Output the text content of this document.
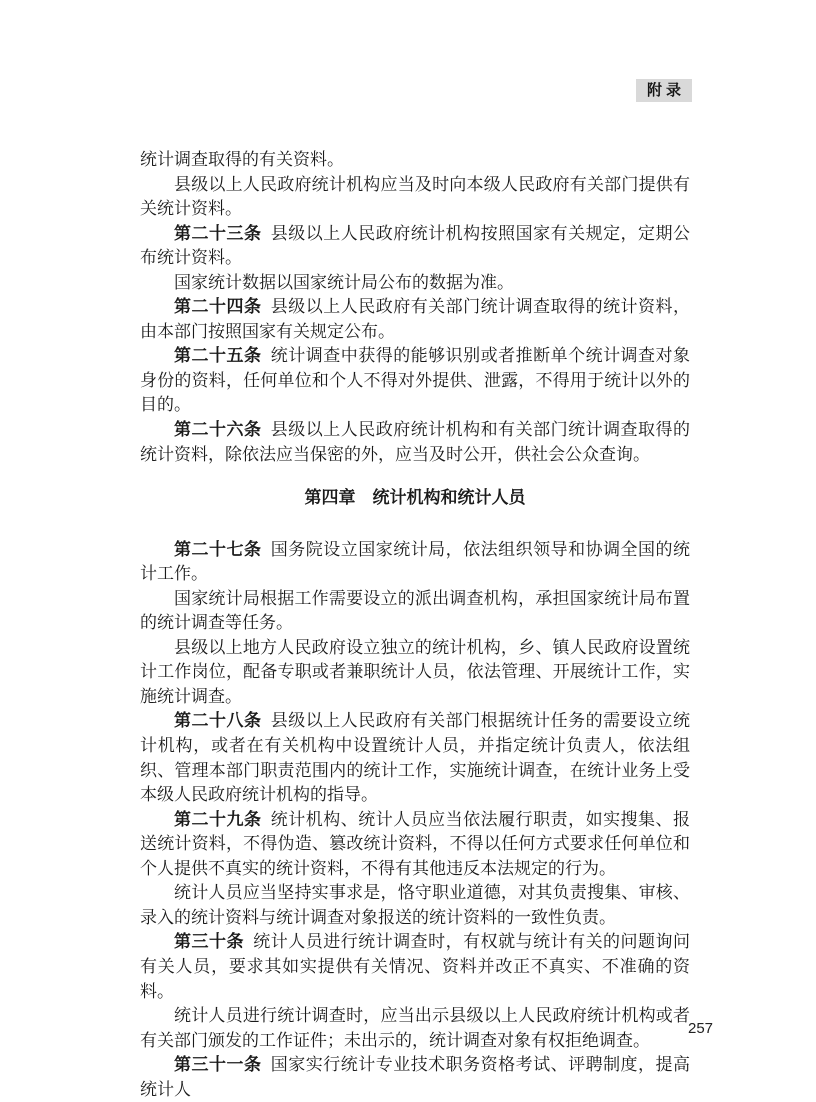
附录

统计调查取得的有关资料。

县级以上人民政府统计机构应当及时向本级人民政府有关部门提供有关统计资料。

第二十三条 县级以上人民政府统计机构按照国家有关规定，定期公布统计资料。

国家统计数据以国家统计局公布的数据为准。

第二十四条 县级以上人民政府有关部门统计调查取得的统计资料，由本部门按照国家有关规定公布。

第二十五条 统计调查中获得的能够识别或者推断单个统计调查对象身份的资料，任何单位和个人不得对外提供、泄露，不得用于统计以外的目的。

第二十六条 县级以上人民政府统计机构和有关部门统计调查取得的统计资料，除依法应当保密的外，应当及时公开，供社会公众查询。

第四章　统计机构和统计人员

第二十七条 国务院设立国家统计局，依法组织领导和协调全国的统计工作。

国家统计局根据工作需要设立的派出调查机构，承担国家统计局布置的统计调查等任务。

县级以上地方人民政府设立独立的统计机构，乡、镇人民政府设置统计工作岗位，配备专职或者兼职统计人员，依法管理、开展统计工作，实施统计调查。

第二十八条 县级以上人民政府有关部门根据统计任务的需要设立统计机构，或者在有关机构中设置统计人员，并指定统计负责人，依法组织、管理本部门职责范围内的统计工作，实施统计调查，在统计业务上受本级人民政府统计机构的指导。

第二十九条 统计机构、统计人员应当依法履行职责，如实搜集、报送统计资料，不得伪造、篡改统计资料，不得以任何方式要求任何单位和个人提供不真实的统计资料，不得有其他违反本法规定的行为。

统计人员应当坚持实事求是，恪守职业道德，对其负责搜集、审核、录入的统计资料与统计调查对象报送的统计资料的一致性负责。

第三十条 统计人员进行统计调查时，有权就与统计有关的问题询问有关人员，要求其如实提供有关情况、资料并改正不真实、不准确的资料。

统计人员进行统计调查时，应当出示县级以上人民政府统计机构或者有关部门颁发的工作证件；未出示的，统计调查对象有权拒绝调查。

第三十一条 国家实行统计专业技术职务资格考试、评聘制度，提高统计人

257
